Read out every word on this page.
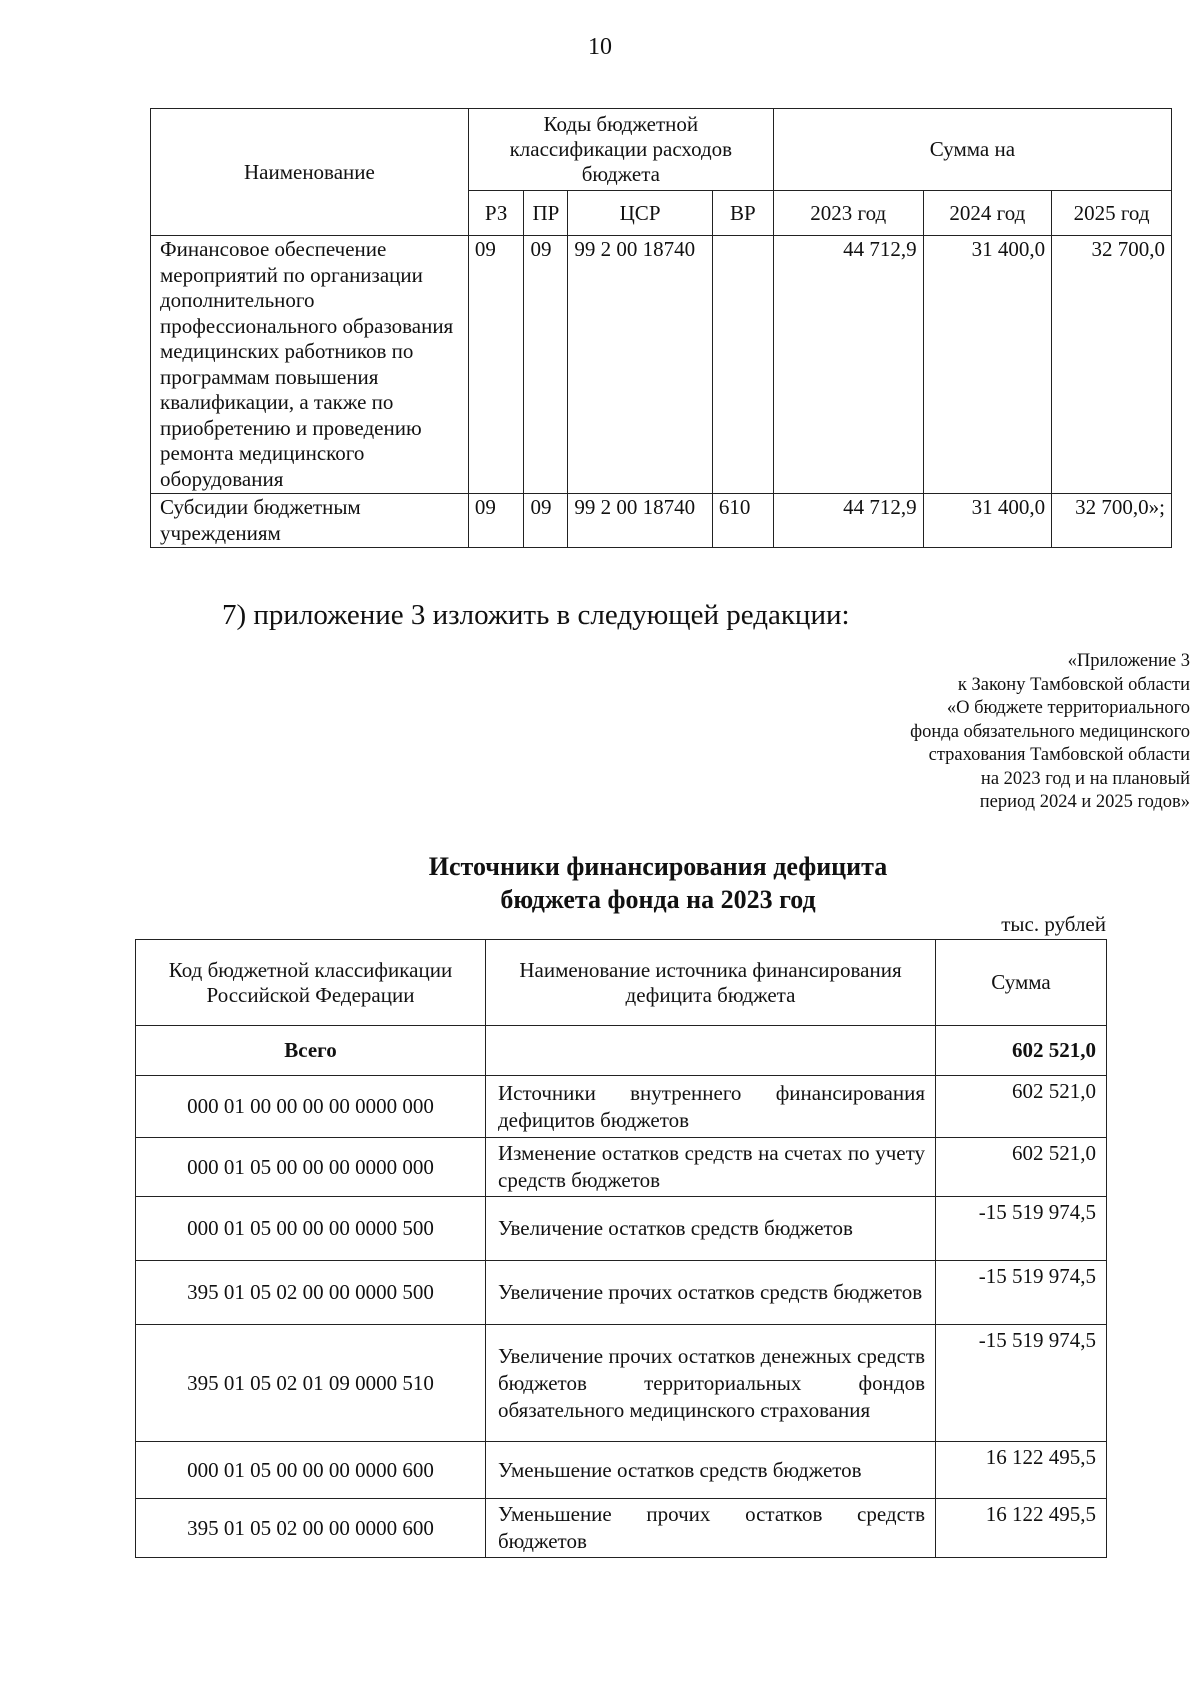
10
Наименование	Коды бюджетной классификации расходов бюджета				Сумма на		
	РЗ	ПР	ЦСР	ВР	2023 год	2024 год	2025 год
Финансовое обеспечение мероприятий по организации дополнительного профессионального образования медицинских работников по программам повышения квалификации, а также по приобретению и проведению ремонта медицинского оборудования	09	09	99 2 00 18740		44 712,9	31 400,0	32 700,0
Субсидии бюджетным учреждениям	09	09	99 2 00 18740	610	44 712,9	31 400,0	32 700,0»;
7) приложение 3 изложить в следующей редакции:
«Приложение 3
к Закону Тамбовской области
«О бюджете территориального
фонда обязательного медицинского
страхования Тамбовской области
на 2023 год и на плановый
период 2024 и 2025 годов»
Источники финансирования дефицита
бюджета фонда на 2023 год
тыс. рублей
Код бюджетной классификации Российской Федерации	Наименование источника финансирования дефицита бюджета	Сумма
Всего		602 521,0
000 01 00 00 00 00 0000 000	Источники внутреннего финансирования дефицитов бюджетов	602 521,0
000 01 05 00 00 00 0000 000	Изменение остатков средств на счетах по учету средств бюджетов	602 521,0
000 01 05 00 00 00 0000 500	Увеличение остатков средств бюджетов	-15 519 974,5
395 01 05 02 00 00 0000 500	Увеличение прочих остатков средств бюджетов	-15 519 974,5
395 01 05 02 01 09 0000 510	Увеличение прочих остатков денежных средств бюджетов территориальных фондов обязательного медицинского страхования	-15 519 974,5
000 01 05 00 00 00 0000 600	Уменьшение остатков средств бюджетов	16 122 495,5
395 01 05 02 00 00 0000 600	Уменьшение прочих остатков средств бюджетов	16 122 495,5
